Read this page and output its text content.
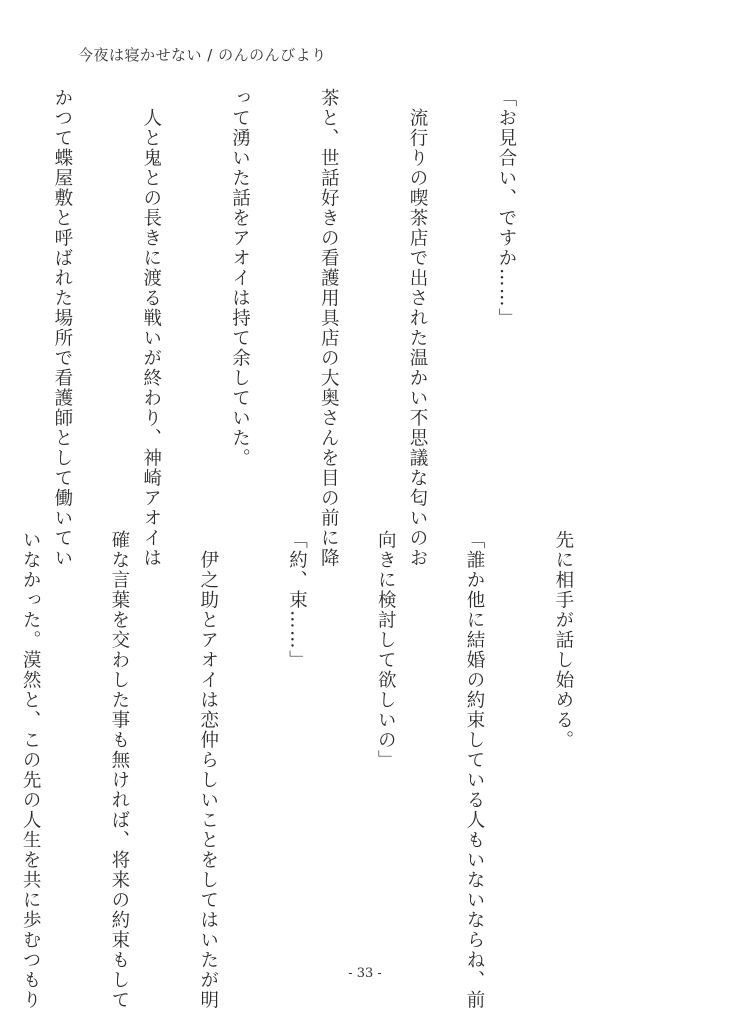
今夜は寝かせない / のんのんびより

「お見合い、ですか……」

　流行りの喫茶店で出された温かい不思議な匂いのお

茶と、世話好きの看護用具店の大奥さんを目の前に降

って湧いた話をアオイは持て余していた。

　人と鬼との長きに渡る戦いが終わり、神崎アオイは

かつて蝶屋敷と呼ばれた場所で看護師として働いてい

先に相手が話し始める。

「誰か他に結婚の約束している人もいないならね、前

向きに検討して欲しいの」

「約、束……」

　伊之助とアオイは恋仲らしいことをしてはいたが明

確な言葉を交わした事も無ければ、将来の約束もして

いなかった。漠然と、この先の人生を共に歩むつもり

	- 33 -
